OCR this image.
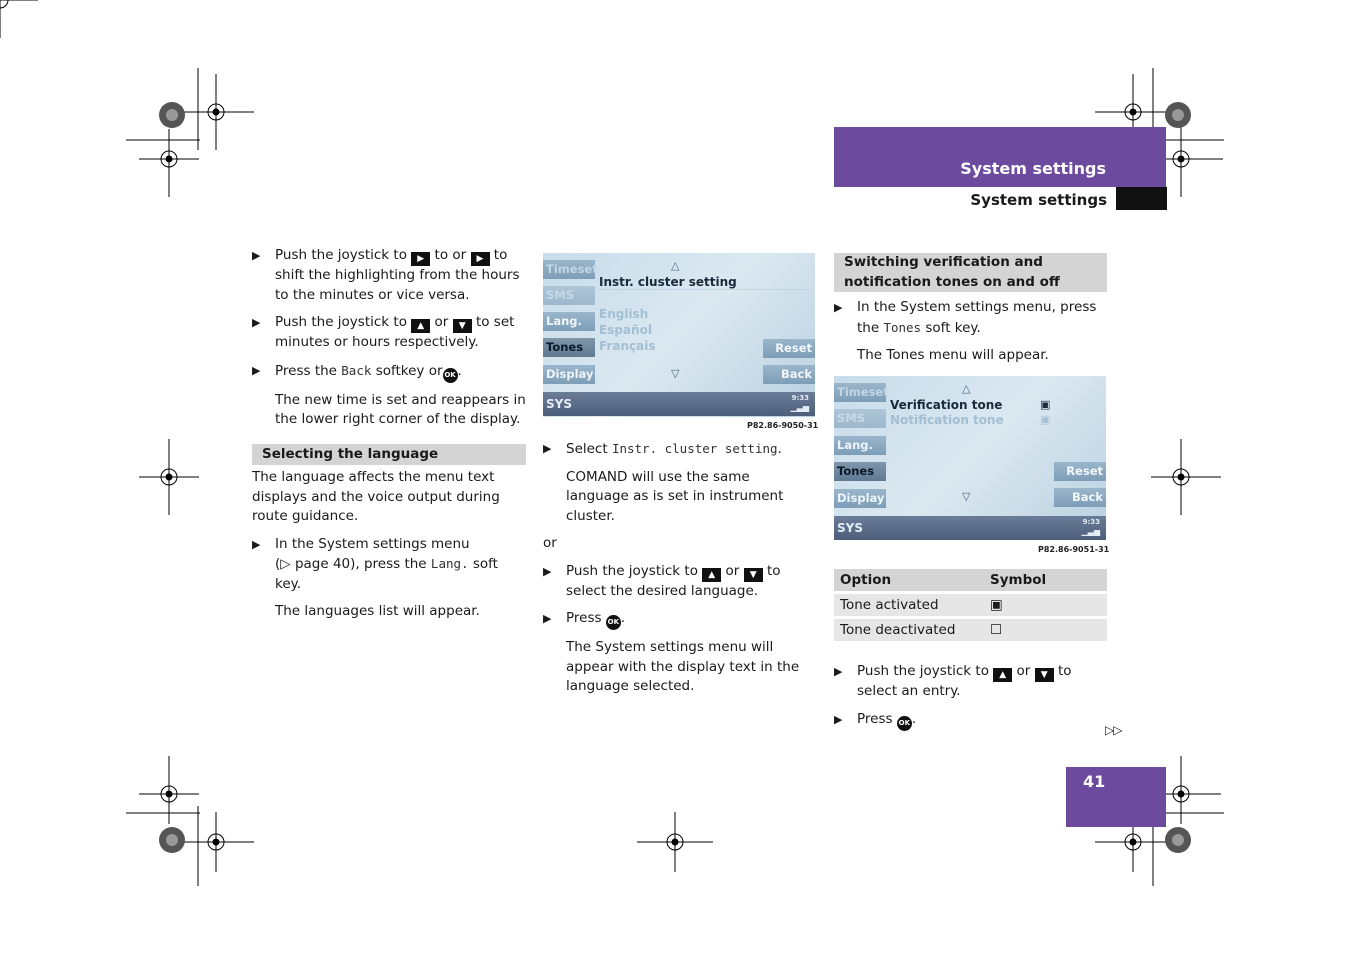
System settings
System settings
▶ Push the joystick to ▶ to or ▶ to shift the highlighting from the hours to the minutes or vice versa.
▶ Push the joystick to ▲ or ▼ to set minutes or hours respectively.
▶ Press the Back softkey or OK .
The new time is set and reappears in the lower right corner of the display.
Selecting the language
The language affects the menu text displays and the voice output during route guidance.
▶ In the System settings menu
(▷ page 40), press the Lang. soft key.
The languages list will appear.
Timeset
SMS
Lang.
Tones
Display
△
Instr. cluster setting
English
Español
Français	Reset
Back
▽
SYS	9:33
▁▃▅
P82.86-9050-31
▶ Select Instr. cluster setting.
COMAND will use the same language as is set in instrument cluster.
or
▶ Push the joystick to ▲ or ▼ to select the desired language.
▶ Press OK .
The System settings menu will appear with the display text in the language selected.
Switching verification and notification tones on and off
▶ In the System settings menu, press the Tones soft key.
The Tones menu will appear.
Timeset
SMS
Lang.
Tones
Display
△
Verification tone	▣
Notification tone	▣
Reset
Back
▽
SYS	9:33
▁▃▅
P82.86-9051-31
Option	Symbol
Tone activated	▣
Tone deactivated	☐
▶ Push the joystick to ▲ or ▼ to select an entry.
▶ Press OK .
▷▷
41
